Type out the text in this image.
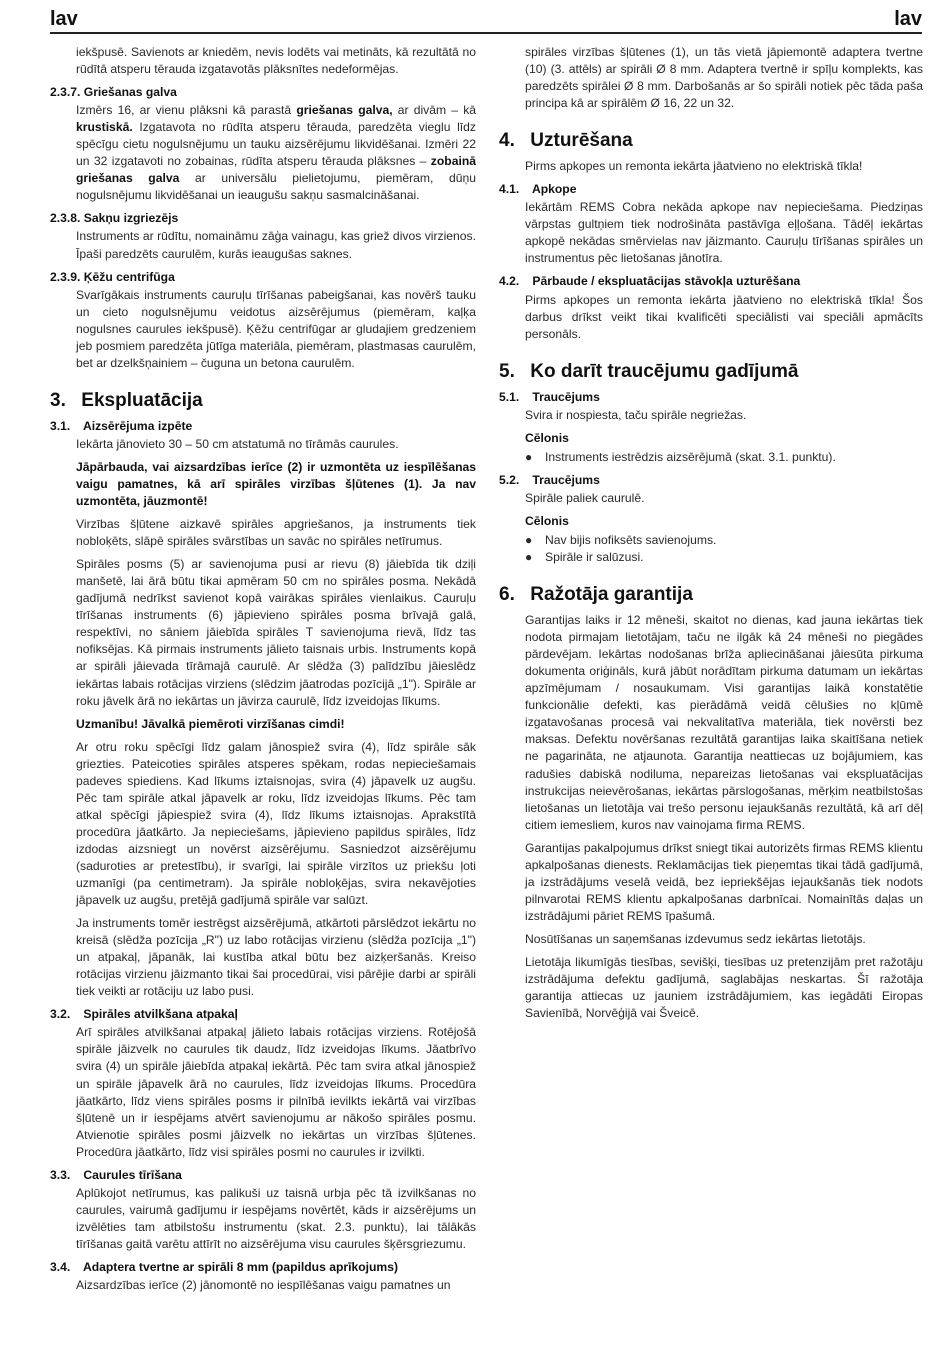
lav	lav

iekšpusē. Savienots ar kniedēm, nevis lodēts vai metināts, kā rezultātā no rūdītā atsperu tērauda izgatavotās plāksnītes nedeformējas.

2.3.7. Griešanas galva

Izmērs 16, ar vienu plāksni kā parastā griešanas galva, ar divām – kā krustiskā. Izgatavota no rūdīta atsperu tērauda, paredzēta vieglu līdz spēcīgu cietu nogulsnējumu un tauku aizsērējumu likvidēšanai. Izmēri 22 un 32 izgatavoti no zobainas, rūdīta atsperu tērauda plāksnes – zobainā griešanas galva ar universālu pielietojumu, piemēram, dūņu nogulsnējumu likvidēšanai un ieaugušu sakņu sasmalcināšanai.

2.3.8. Sakņu izgriezējs

Instruments ar rūdītu, nomaināmu zāģa vainagu, kas griež divos virzienos. Īpaši paredzēts caurulēm, kurās ieaugušas saknes.

2.3.9. Ķēžu centrifūga

Svarīgākais instruments cauruļu tīrīšanas pabeigšanai, kas novērš tauku un cieto nogulsnējumu veidotus aizsērējumus (piemēram, kaļķa nogulsnes caurules iekšpusē). Ķēžu centrifūgar ar gludajiem gredzeniem jeb posmiem paredzēta jūtīga materiāla, piemēram, plastmasas caurulēm, bet ar dzelkšņainiem – čuguna un betona caurulēm.

3. Ekspluatācija
3.1. Aizsērējuma izpēte

Iekārta jānovieto 30 – 50 cm atstatumā no tīrāmās caurules.

Jāpārbauda, vai aizsardzības ierīce (2) ir uzmontēta uz iespīlēšanas vaigu pamatnes, kā arī spirāles virzības šļūtenes (1). Ja nav uzmontēta, jāuzmontē!

Virzības šļūtene aizkavē spirāles apgriešanos, ja instruments tiek nobloķēts, slāpē spirāles svārstības un savāc no spirāles netīrumus.

Spirāles posms (5) ar savienojuma pusi ar rievu (8) jāiebīda tik dziļi manšetē, lai ārā būtu tikai apmēram 50 cm no spirāles posma. Nekādā gadījumā nedrīkst savienot kopā vairākas spirāles vienlaikus. Cauruļu tīrīšanas instruments (6) jāpievieno spirāles posma brīvajā galā, respektīvi, no sāniem jāiebīda spirāles T savienojuma rievā, līdz tas nofiksējas. Kā pirmais instruments jālieto taisnais urbis. Instruments kopā ar spirāli jāievada tīrāmajā caurulē. Ar slēdža (3) palīdzību jāieslēdz iekārtas labais rotācijas virziens (slēdzim jāatrodas pozīcijā „1"). Spirāle ar roku jāvelk ārā no iekārtas un jāvirza caurulē, līdz izveidojas līkums.

Uzmanību! Jāvalkā piemēroti virzīšanas cimdi!

Ar otru roku spēcīgi līdz galam jānospiež svira (4), līdz spirāle sāk griezties. Pateicoties spirāles atsperes spēkam, rodas nepieciešamais padeves spiediens. Kad līkums iztaisnojas, svira (4) jāpavelk uz augšu. Pēc tam spirāle atkal jāpavelk ar roku, līdz izveidojas līkums. Pēc tam atkal spēcīgi jāpiespiež svira (4), līdz līkums iztaisnojas. Aprakstītā procedūra jāatkārto. Ja nepieciešams, jāpievieno papildus spirāles, līdz izdodas aizsniegt un novērst aizsērējumu. Sasniedzot aizsērējumu (saduroties ar pretestību), ir svarīgi, lai spirāle virzītos uz priekšu ļoti uzmanīgi (pa centimetram). Ja spirāle nobloķējas, svira nekavējoties jāpavelk uz augšu, pretējā gadījumā spirāle var salūzt.

Ja instruments tomēr iestrēgst aizsērējumā, atkārtoti pārslēdzot iekārtu no kreisā (slēdža pozīcija „R") uz labo rotācijas virzienu (slēdža pozīcija „1") un atpakaļ, jāpanāk, lai kustība atkal būtu bez aizķeršanās. Kreiso rotācijas virzienu jāizmanto tikai šai procedūrai, visi pārējie darbi ar spirāli tiek veikti ar rotāciju uz labo pusi.

3.2. Spirāles atvilkšana atpakaļ

Arī spirāles atvilkšanai atpakaļ jālieto labais rotācijas virziens. Rotējošā spirāle jāizvelk no caurules tik daudz, līdz izveidojas līkums. Jāatbrīvo svira (4) un spirāle jāiebīda atpakaļ iekārtā. Pēc tam svira atkal jānospiež un spirāle jāpavelk ārā no caurules, līdz izveidojas līkums. Procedūra jāatkārto, līdz viens spirāles posms ir pilnībā ievilkts iekārtā vai virzības šļūtenē un ir iespējams atvērt savienojumu ar nākošo spirāles posmu. Atvienotie spirāles posmi jāizvelk no iekārtas un virzības šļūtenes. Procedūra jāatkārto, līdz visi spirāles posmi no caurules ir izvilkti.

3.3. Caurules tīrīšana

Aplūkojot netīrumus, kas palikuši uz taisnā urbja pēc tā izvilkšanas no caurules, vairumā gadījumu ir iespējams novērtēt, kāds ir aizsērējums un izvēlēties tam atbilstošu instrumentu (skat. 2.3. punktu), lai tālākās tīrīšanas gaitā varētu attīrīt no aizsērējuma visu caurules šķērsgriezumu.

3.4. Adaptera tvertne ar spirāli 8 mm (papildus aprīkojums)

Aizsardzības ierīce (2) jānomontē no iespīlēšanas vaigu pamatnes un

spirāles virzības šļūtenes (1), un tās vietā jāpiemontē adaptera tvertne (10) (3. attēls) ar spirāli Ø 8 mm. Adaptera tvertnē ir spīļu komplekts, kas paredzēts spirālei Ø 8 mm. Darbošanās ar šo spirāli notiek pēc tāda paša principa kā ar spirālēm Ø 16, 22 un 32.

4. Uzturēšana

Pirms apkopes un remonta iekārta jāatvieno no elektriskā tīkla!

4.1. Apkope

Iekārtām REMS Cobra nekāda apkope nav nepieciešama. Piedziņas vārpstas gultņiem tiek nodrošināta pastāvīga eļļošana. Tādēļ iekārtas apkopē nekādas smērvielas nav jāizmanto. Cauruļu tīrīšanas spirāles un instrumentus pēc lietošanas jānotīra.

4.2. Pārbaude / ekspluatācijas stāvokļa uzturēšana

Pirms apkopes un remonta iekārta jāatvieno no elektriskā tīkla! Šos darbus drīkst veikt tikai kvalificēti speciālisti vai speciāli apmācīts personāls.

5. Ko darīt traucējumu gadījumā
5.1. Traucējums

Svira ir nospiesta, taču spirāle negriežas.

Cēlonis
● Instruments iestrēdzis aizsērējumā (skat. 3.1. punktu).
5.2. Traucējums

Spirāle paliek caurulē.

Cēlonis
● Nav bijis nofiksēts savienojums.
● Spirāle ir salūzusi.
6. Ražotāja garantija

Garantijas laiks ir 12 mēneši, skaitot no dienas, kad jauna iekārtas tiek nodota pirmajam lietotājam, taču ne ilgāk kā 24 mēneši no piegādes pārdevējam. Iekārtas nodošanas brīža apliecināšanai jāiesūta pirkuma dokumenta oriģināls, kurā jābūt norādītam pirkuma datumam un iekārtas apzīmējumam / nosaukumam. Visi garantijas laikā konstatētie funkcionālie defekti, kas pierādāmā veidā cēlušies no kļūmē izgatavošanas procesā vai nekvalitatīva materiāla, tiek novērsti bez maksas. Defektu novēršanas rezultātā garantijas laika skaitīšana netiek ne pagarināta, ne atjaunota. Garantija neattiecas uz bojājumiem, kas radušies dabiskā nodiluma, nepareizas lietošanas vai ekspluatācijas instrukcijas neievērošanas, iekārtas pārslogošanas, mērķim neatbilstošas lietošanas un lietotāja vai trešo personu iejaukšanās rezultātā, kā arī dēļ citiem iemesliem, kuros nav vainojama firma REMS.

Garantijas pakalpojumus drīkst sniegt tikai autorizēts firmas REMS klientu apkalpošanas dienests. Reklamācijas tiek pieņemtas tikai tādā gadījumā, ja izstrādājums veselā veidā, bez iepriekšējas iejaukšanās tiek nodots pilnvarotai REMS klientu apkalpošanas darbnīcai. Nomainītās daļas un izstrādājumi pāriet REMS īpašumā.

Nosūtīšanas un saņemšanas izdevumus sedz iekārtas lietotājs.

Lietotāja likumīgās tiesības, sevišķi, tiesības uz pretenzijām pret ražotāju izstrādājuma defektu gadījumā, saglabājas neskartas. Šī ražotāja garantija attiecas uz jauniem izstrādājumiem, kas iegādāti Eiropas Savienībā, Norvēģijā vai Šveicē.
